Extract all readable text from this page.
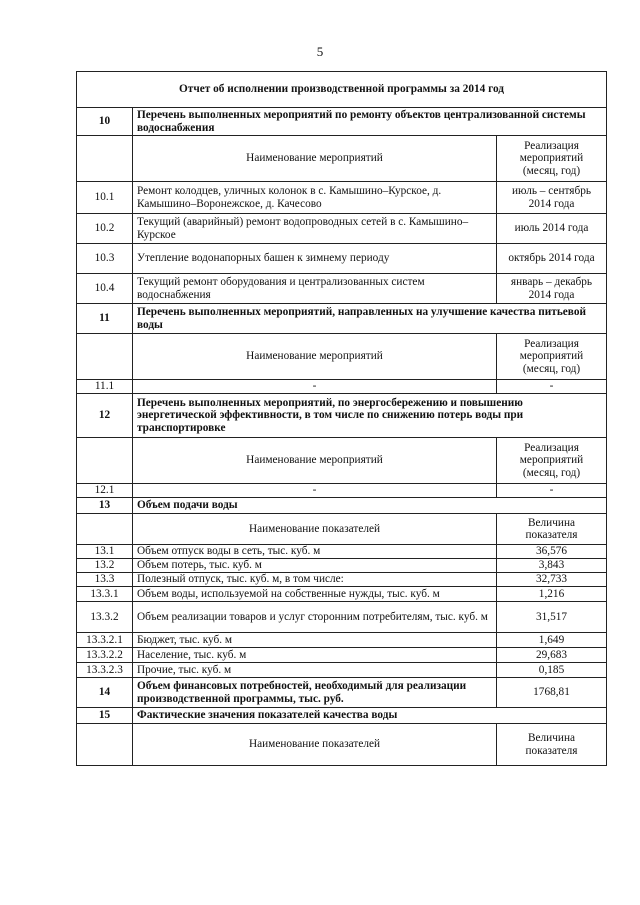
5
Отчет об исполнении производственной программы за 2014 год		
10	Перечень выполненных мероприятий по ремонту объектов централизованной системы водоснабжения	
	Наименование мероприятий	Реализация мероприятий (месяц, год)
10.1	Ремонт колодцев, уличных колонок в с. Камышино–Курское, д. Камышино–Воронежское, д. Качесово	июль – сентябрь 2014 года
10.2	Текущий (аварийный) ремонт водопроводных сетей в с. Камышино–Курское	июль 2014 года
10.3	Утепление водонапорных башен к зимнему периоду	октябрь 2014 года
10.4	Текущий ремонт оборудования и централизованных систем водоснабжения	январь – декабрь 2014 года
11	Перечень выполненных мероприятий, направленных на улучшение качества питьевой воды	
	Наименование мероприятий	Реализация мероприятий (месяц, год)
11.1	-	-
12	Перечень выполненных мероприятий, по энергосбережению и повышению энергетической эффективности, в том числе по снижению потерь воды при транспортировке	
	Наименование мероприятий	Реализация мероприятий (месяц, год)
12.1	-	-
13	Объем подачи воды	
	Наименование показателей	Величина показателя
13.1	Объем отпуск воды в сеть, тыс. куб. м	36,576
13.2	Объем потерь, тыс. куб. м	3,843
13.3	Полезный отпуск, тыс. куб. м, в том числе:	32,733
13.3.1	Объем воды, используемой на собственные нужды, тыс. куб. м	1,216
13.3.2	Объем реализации товаров и услуг сторонним потребителям, тыс. куб. м	31,517
13.3.2.1	Бюджет, тыс. куб. м	1,649
13.3.2.2	Население, тыс. куб. м	29,683
13.3.2.3	Прочие, тыс. куб. м	0,185
14	Объем финансовых потребностей, необходимый для реализации производственной программы, тыс. руб.	1768,81
15	Фактические значения показателей качества воды	
	Наименование показателей	Величина показателя
